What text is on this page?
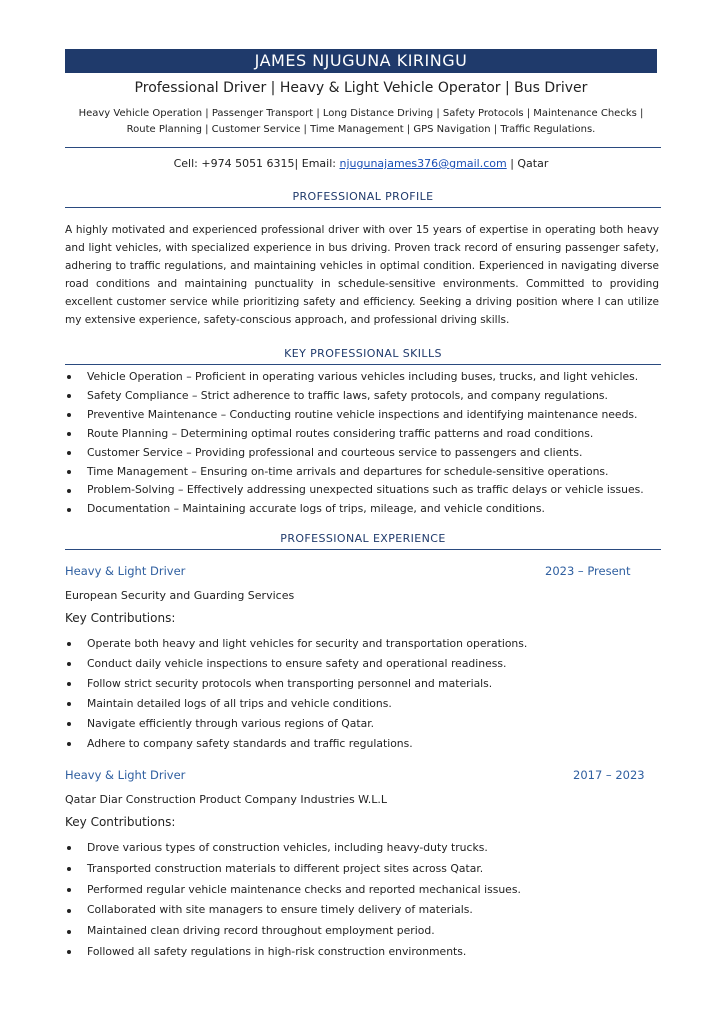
JAMES NJUGUNA KIRINGU
Professional Driver | Heavy & Light Vehicle Operator | Bus Driver
Heavy Vehicle Operation | Passenger Transport | Long Distance Driving | Safety Protocols | Maintenance Checks |
Route Planning | Customer Service | Time Management | GPS Navigation | Traffic Regulations.
Cell: +974 5051 6315| Email: njugunajames376@gmail.com | Qatar
PROFESSIONAL PROFILE
A highly motivated and experienced professional driver with over 15 years of expertise in operating both heavy and light vehicles, with specialized experience in bus driving. Proven track record of ensuring passenger safety, adhering to traffic regulations, and maintaining vehicles in optimal condition. Experienced in navigating diverse road conditions and maintaining punctuality in schedule-sensitive environments. Committed to providing excellent customer service while prioritizing safety and efficiency. Seeking a driving position where I can utilize my extensive experience, safety-conscious approach, and professional driving skills.
KEY PROFESSIONAL SKILLS
Vehicle Operation – Proficient in operating various vehicles including buses, trucks, and light vehicles.
Safety Compliance – Strict adherence to traffic laws, safety protocols, and company regulations.
Preventive Maintenance – Conducting routine vehicle inspections and identifying maintenance needs.
Route Planning – Determining optimal routes considering traffic patterns and road conditions.
Customer Service – Providing professional and courteous service to passengers and clients.
Time Management – Ensuring on-time arrivals and departures for schedule-sensitive operations.
Problem-Solving – Effectively addressing unexpected situations such as traffic delays or vehicle issues.
Documentation – Maintaining accurate logs of trips, mileage, and vehicle conditions.
PROFESSIONAL EXPERIENCE
Heavy & Light Driver	2023 – Present
European Security and Guarding Services
Key Contributions:
Operate both heavy and light vehicles for security and transportation operations.
Conduct daily vehicle inspections to ensure safety and operational readiness.
Follow strict security protocols when transporting personnel and materials.
Maintain detailed logs of all trips and vehicle conditions.
Navigate efficiently through various regions of Qatar.
Adhere to company safety standards and traffic regulations.
Heavy & Light Driver	2017 – 2023
Qatar Diar Construction Product Company Industries W.L.L
Key Contributions:
Drove various types of construction vehicles, including heavy-duty trucks.
Transported construction materials to different project sites across Qatar.
Performed regular vehicle maintenance checks and reported mechanical issues.
Collaborated with site managers to ensure timely delivery of materials.
Maintained clean driving record throughout employment period.
Followed all safety regulations in high-risk construction environments.
